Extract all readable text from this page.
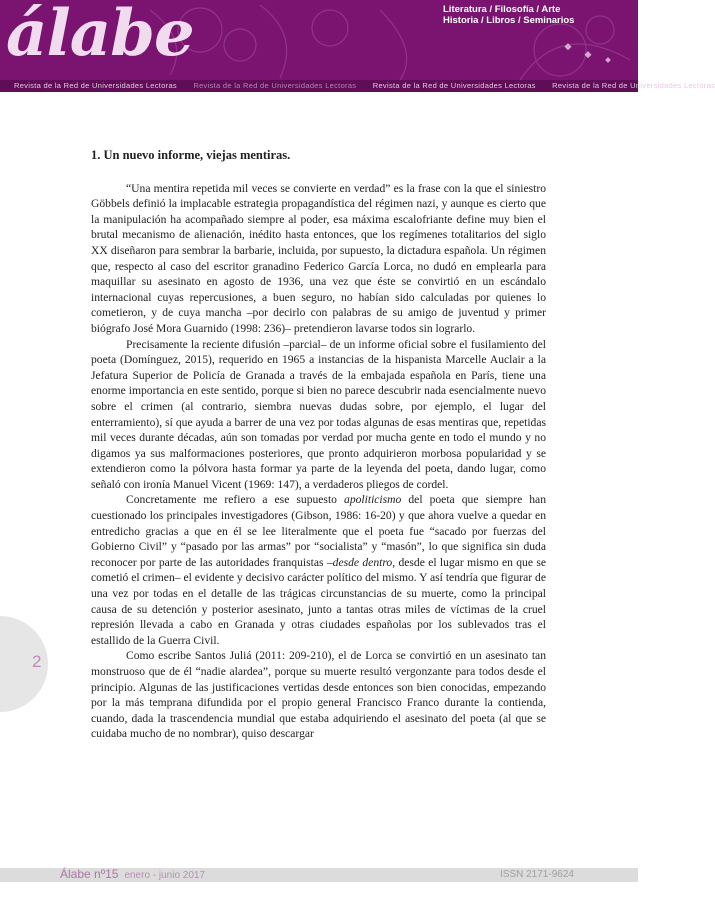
álabe	Literatura / Filosofía / Arte
Historia / Libros / Seminarios
Revista de la Red de Universidades Lectoras Revista de la Red de Universidades Lectoras Revista de la Red de Universidades Lectoras Revista de la Red de Universidades Lectoras
1. Un nuevo informe, viejas mentiras.

“Una mentira repetida mil veces se convierte en verdad” es la frase con la que el siniestro Göbbels definió la implacable estrategia propagandística del régimen nazi, y aunque es cierto que la manipulación ha acompañado siempre al poder, esa máxima escalofriante define muy bien el brutal mecanismo de alienación, inédito hasta entonces, que los regímenes totalitarios del siglo XX diseñaron para sembrar la barbarie, incluida, por supuesto, la dictadura española. Un régimen que, respecto al caso del escritor granadino Federico García Lorca, no dudó en emplearla para maquillar su asesinato en agosto de 1936, una vez que éste se convirtió en un escándalo internacional cuyas repercusiones, a buen seguro, no habían sido calculadas por quienes lo cometieron, y de cuya mancha –por decirlo con palabras de su amigo de juventud y primer biógrafo José Mora Guarnido (1998: 236)– pretendieron lavarse todos sin lograrlo.

Precisamente la reciente difusión –parcial– de un informe oficial sobre el fusilamiento del poeta (Domínguez, 2015), requerido en 1965 a instancias de la hispanista Marcelle Auclair a la Jefatura Superior de Policía de Granada a través de la embajada española en París, tiene una enorme importancia en este sentido, porque si bien no parece descubrir nada esencialmente nuevo sobre el crimen (al contrario, siembra nuevas dudas sobre, por ejemplo, el lugar del enterramiento), sí que ayuda a barrer de una vez por todas algunas de esas mentiras que, repetidas mil veces durante décadas, aún son tomadas por verdad por mucha gente en todo el mundo y no digamos ya sus malformaciones posteriores, que pronto adquirieron morbosa popularidad y se extendieron como la pólvora hasta formar ya parte de la leyenda del poeta, dando lugar, como señaló con ironía Manuel Vicent (1969: 147), a verdaderos pliegos de cordel.

Concretamente me refiero a ese supuesto apoliticismo del poeta que siempre han cuestionado los principales investigadores (Gibson, 1986: 16-20) y que ahora vuelve a quedar en entredicho gracias a que en él se lee literalmente que el poeta fue “sacado por fuerzas del Gobierno Civil” y “pasado por las armas” por “socialista” y “masón”, lo que significa sin duda reconocer por parte de las autoridades franquistas –desde dentro, desde el lugar mismo en que se cometió el crimen– el evidente y decisivo carácter político del mismo. Y así tendría que figurar de una vez por todas en el detalle de las trágicas circunstancias de su muerte, como la principal causa de su detención y posterior asesinato, junto a tantas otras miles de víctimas de la cruel represión llevada a cabo en Granada y otras ciudades españolas por los sublevados tras el estallido de la Guerra Civil.

Como escribe Santos Juliá (2011: 209-210), el de Lorca se convirtió en un asesinato tan monstruoso que de él “nadie alardea”, porque su muerte resultó vergonzante para todos desde el principio. Algunas de las justificaciones vertidas desde entonces son bien conocidas, empezando por la más temprana difundida por el propio general Francisco Franco durante la contienda, cuando, dada la trascendencia mundial que estaba adquiriendo el asesinato del poeta (al que se cuidaba mucho de no nombrar), quiso descargar

2
Álabe nº15 enero - junio 2017	ISSN 2171-9624
